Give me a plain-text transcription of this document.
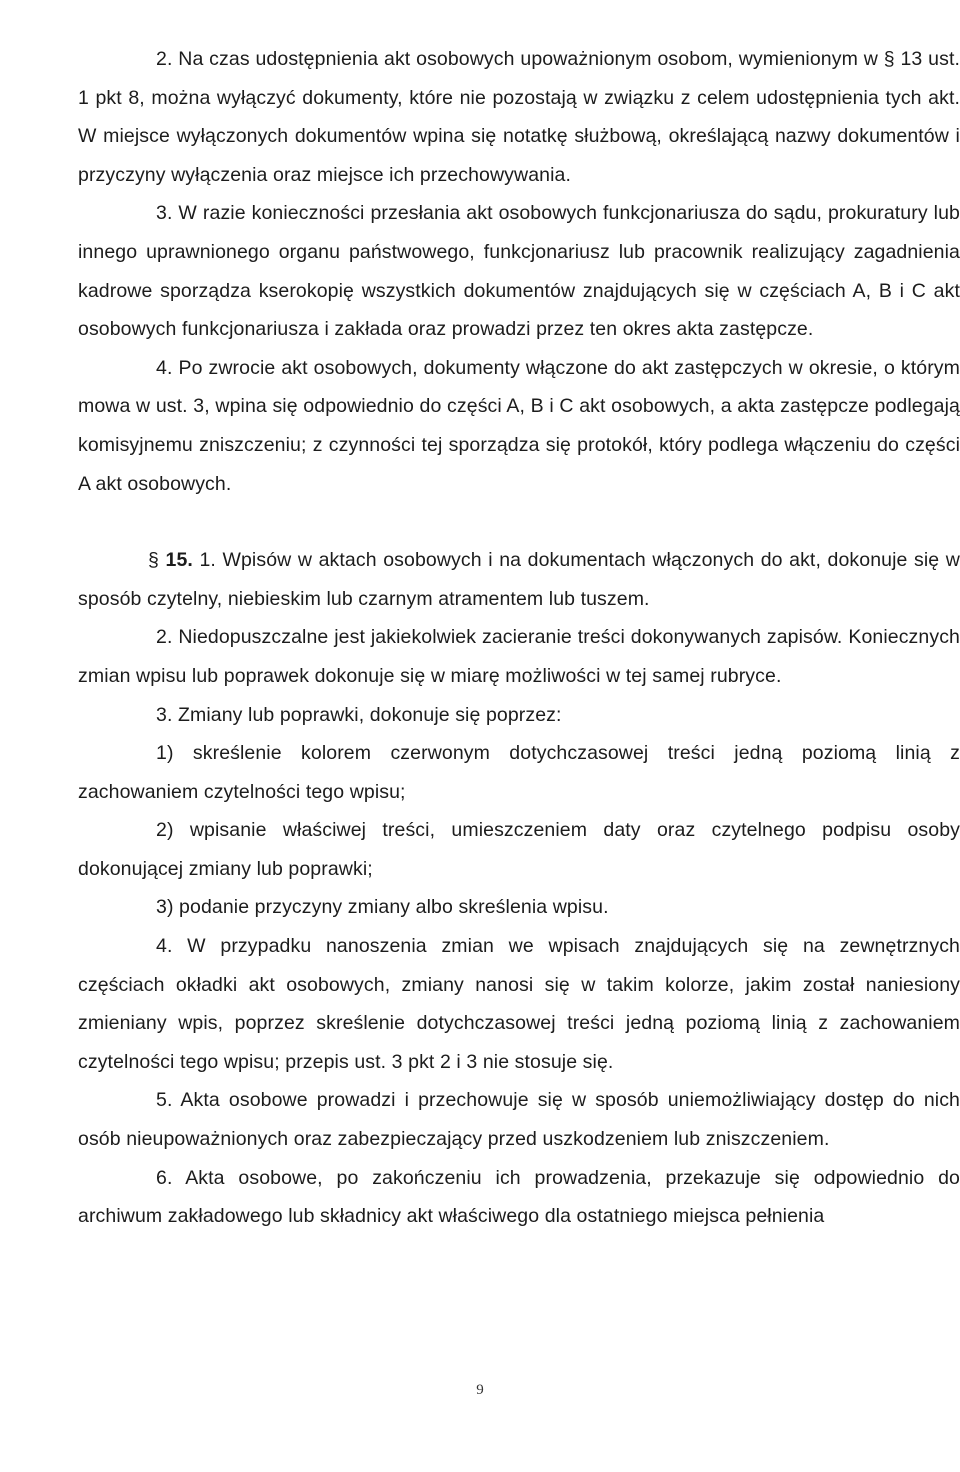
2. Na czas udostępnienia akt osobowych upoważnionym osobom, wymienionym w § 13 ust. 1 pkt 8, można wyłączyć dokumenty, które nie pozostają w związku z celem udostępnienia tych akt. W miejsce wyłączonych dokumentów wpina się notatkę służbową, określającą nazwy dokumentów i przyczyny wyłączenia oraz miejsce ich przechowywania.

3. W razie konieczności przesłania akt osobowych funkcjonariusza do sądu, prokuratury lub innego uprawnionego organu państwowego, funkcjonariusz lub pracownik realizujący zagadnienia kadrowe sporządza kserokopię wszystkich dokumentów znajdujących się w częściach A, B i C akt osobowych funkcjonariusza i zakłada oraz prowadzi przez ten okres akta zastępcze.

4. Po zwrocie akt osobowych, dokumenty włączone do akt zastępczych w okresie, o którym mowa w ust. 3, wpina się odpowiednio do części A, B i C akt osobowych, a akta zastępcze podlegają komisyjnemu zniszczeniu; z czynności tej sporządza się protokół, który podlega włączeniu do części A akt osobowych.

§ 15. 1. Wpisów w aktach osobowych i na dokumentach włączonych do akt, dokonuje się w sposób czytelny, niebieskim lub czarnym atramentem lub tuszem.

2. Niedopuszczalne jest jakiekolwiek zacieranie treści dokonywanych zapisów. Koniecznych zmian wpisu lub poprawek dokonuje się w miarę możliwości w tej samej rubryce.

3. Zmiany lub poprawki, dokonuje się poprzez:

1) skreślenie kolorem czerwonym dotychczasowej treści jedną poziomą linią z zachowaniem czytelności tego wpisu;

2) wpisanie właściwej treści, umieszczeniem daty oraz czytelnego podpisu osoby dokonującej zmiany lub poprawki;

3) podanie przyczyny zmiany albo skreślenia wpisu.

4. W przypadku nanoszenia zmian we wpisach znajdujących się na zewnętrznych częściach okładki akt osobowych, zmiany nanosi się w takim kolorze, jakim został naniesiony zmieniany wpis, poprzez skreślenie dotychczasowej treści jedną poziomą linią z zachowaniem czytelności tego wpisu; przepis ust. 3 pkt 2 i 3 nie stosuje się.

5. Akta osobowe prowadzi i przechowuje się w sposób uniemożliwiający dostęp do nich osób nieupoważnionych oraz zabezpieczający przed uszkodzeniem lub zniszczeniem.

6. Akta osobowe, po zakończeniu ich prowadzenia, przekazuje się odpowiednio do archiwum zakładowego lub składnicy akt właściwego dla ostatniego miejsca pełnienia

9
